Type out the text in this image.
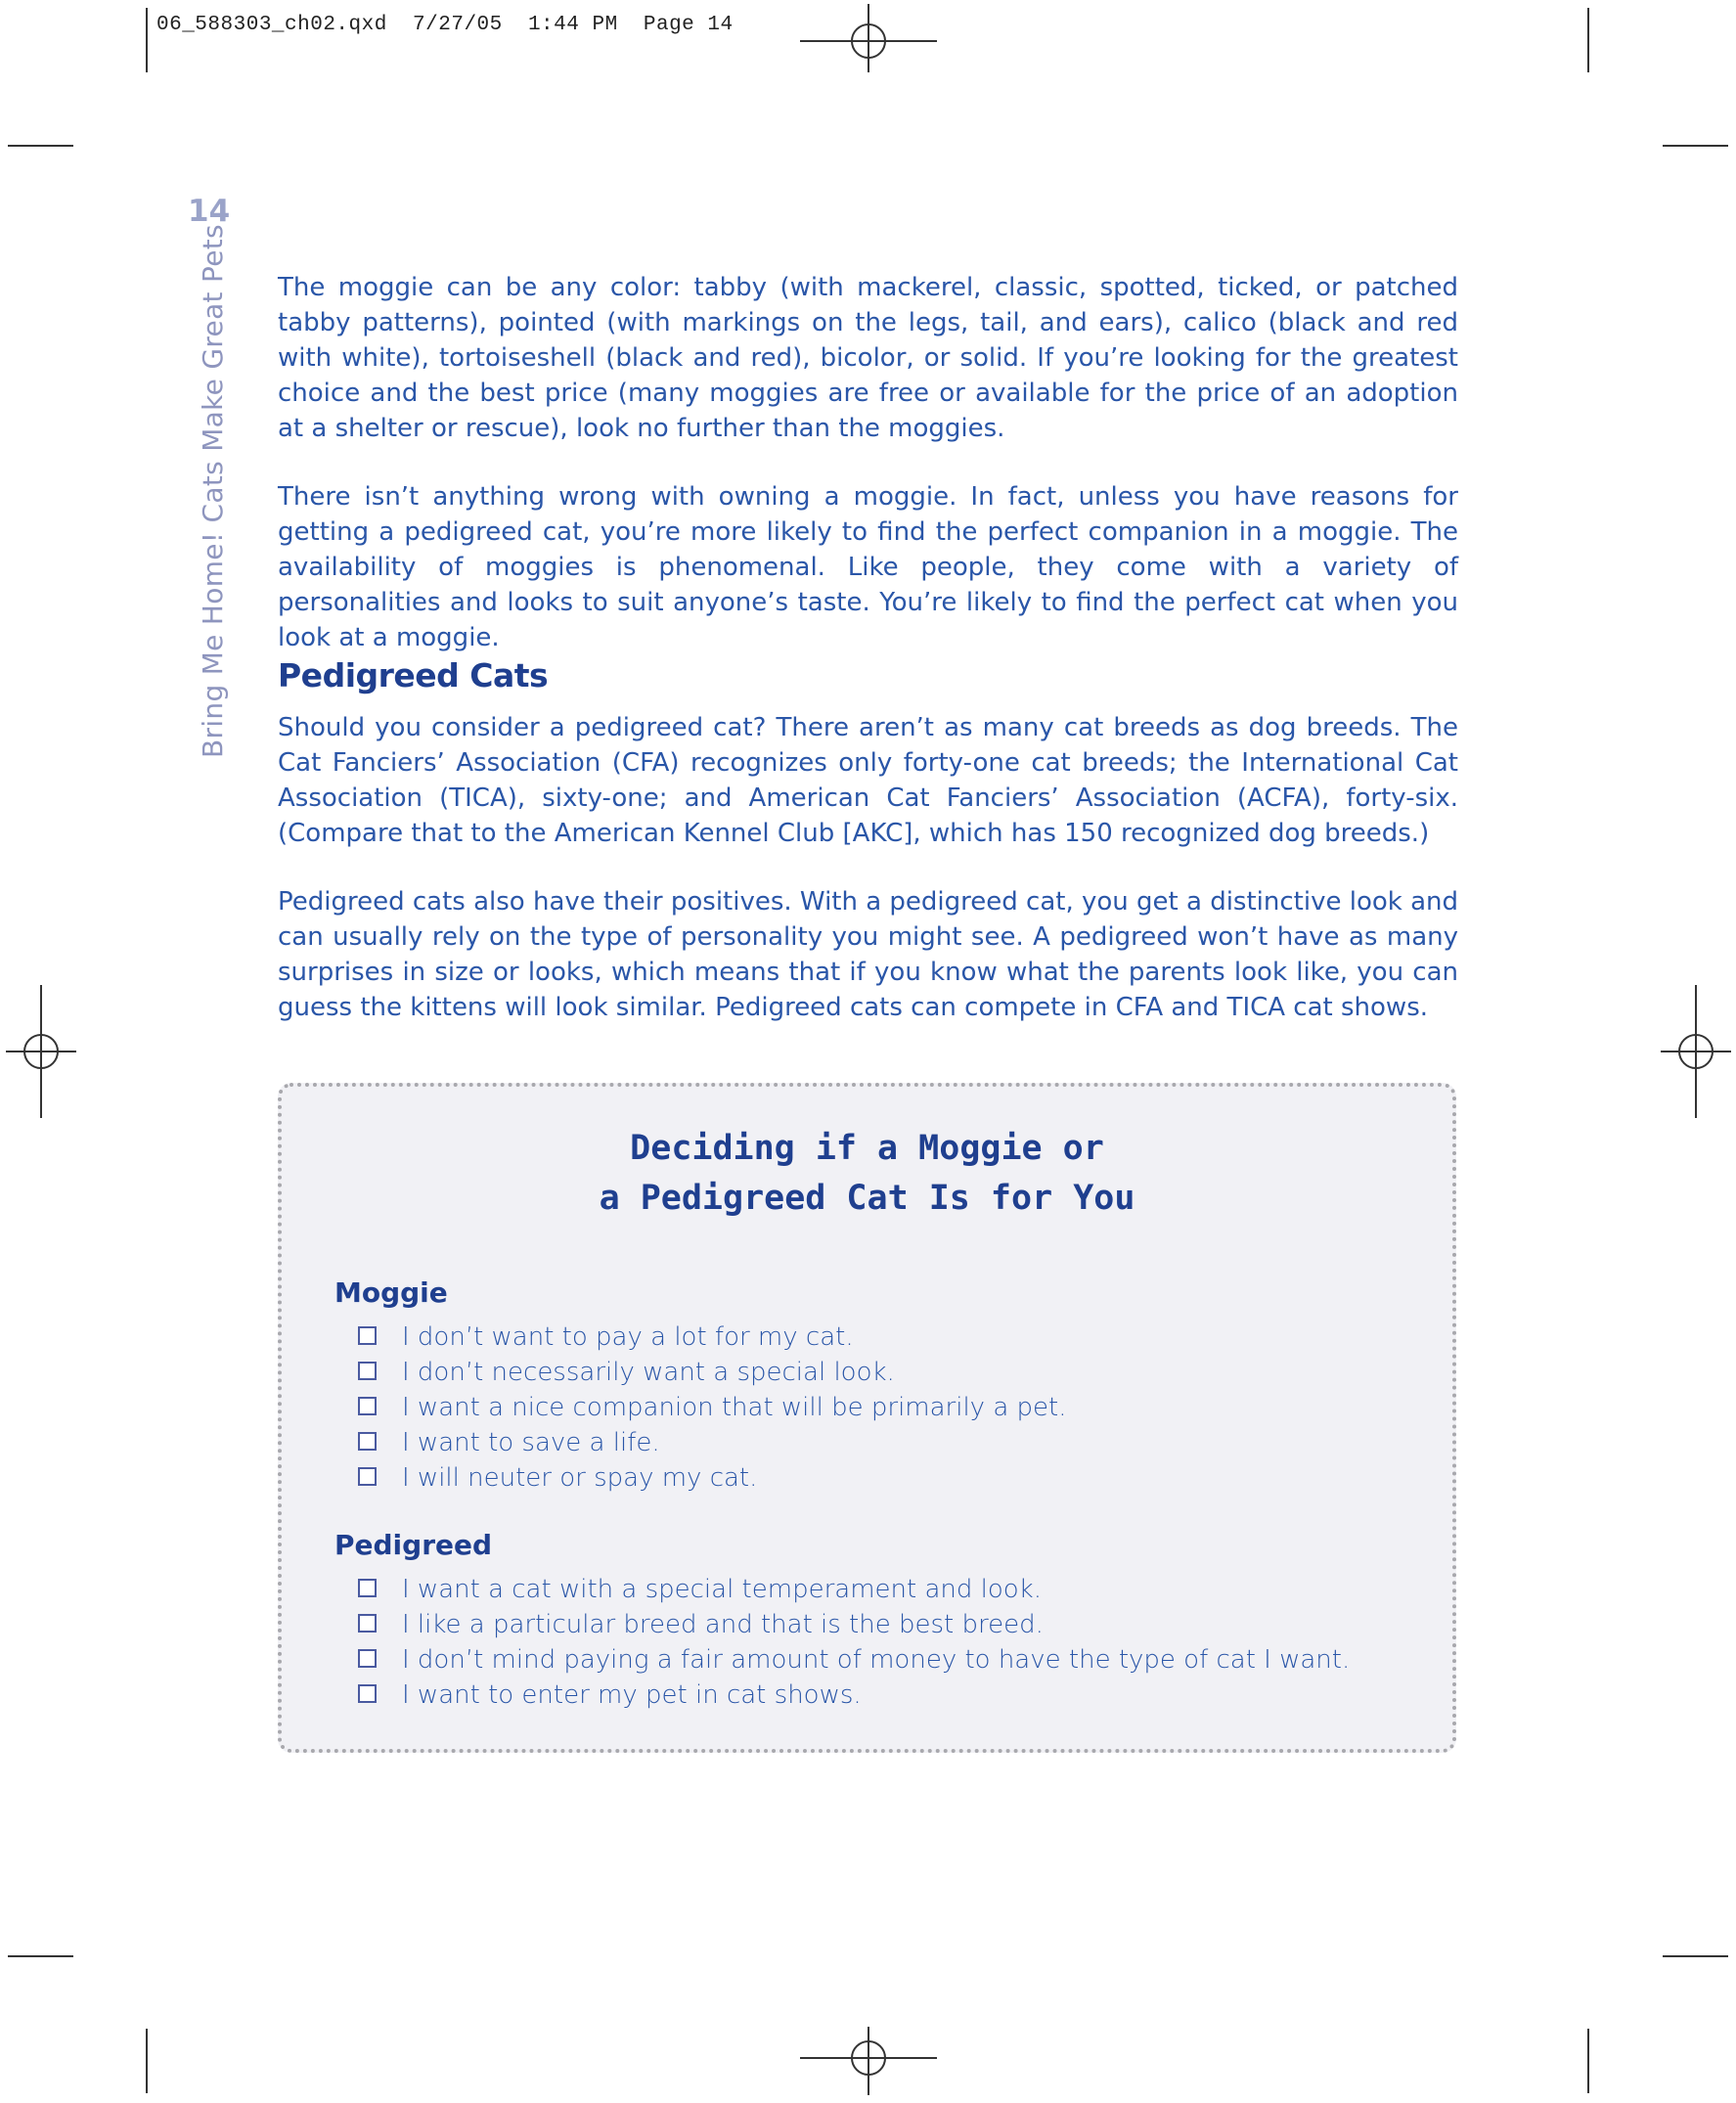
06_588303_ch02.qxd  7/27/05  1:44 PM  Page 14
14
Bring Me Home! Cats Make Great Pets The moggie can be any color: tabby (with mackerel, classic, spotted, ticked, or patched tabby patterns), pointed (with markings on the legs, tail, and ears), calico (black and red with white), tortoiseshell (black and red), bicolor, or solid. If you’re looking for the greatest choice and the best price (many moggies are free or available for the price of an adoption at a shelter or rescue), look no further than the moggies.

There isn’t anything wrong with owning a moggie. In fact, unless you have reasons for getting a pedigreed cat, you’re more likely to find the perfect companion in a moggie. The availability of moggies is phenomenal. Like people, they come with a variety of personalities and looks to suit anyone’s taste. You’re likely to find the perfect cat when you look at a moggie.

Pedigreed Cats

Should you consider a pedigreed cat? There aren’t as many cat breeds as dog breeds. The Cat Fanciers’ Association (CFA) recognizes only forty-one cat breeds; the International Cat Association (TICA), sixty-one; and American Cat Fanciers’ Association (ACFA), forty-six. (Compare that to the American Kennel Club [AKC], which has 150 recognized dog breeds.)

Pedigreed cats also have their positives. With a pedigreed cat, you get a distinctive look and can usually rely on the type of personality you might see. A pedigreed won’t have as many surprises in size or looks, which means that if you know what the parents look like, you can guess the kittens will look similar. Pedigreed cats can compete in CFA and TICA cat shows.

Deciding if a Moggie or
a Pedigreed Cat Is for You
Moggie
I don’t want to pay a lot for my cat.
I don’t necessarily want a special look.
I want a nice companion that will be primarily a pet.
I want to save a life.
I will neuter or spay my cat.
Pedigreed
I want a cat with a special temperament and look.
I like a particular breed and that is the best breed.
I don’t mind paying a fair amount of money to have the type of cat I want.
I want to enter my pet in cat shows.
